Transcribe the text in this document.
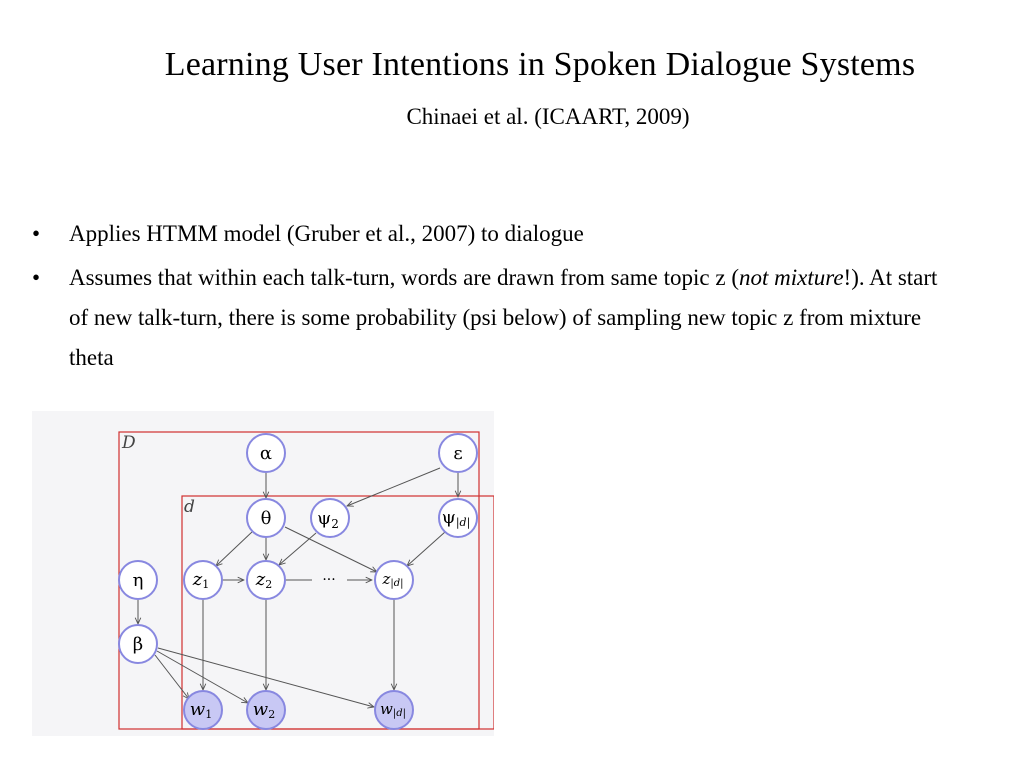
Learning User Intentions in Spoken Dialogue Systems
Chinaei et al. (ICAART, 2009)
• Applies HTMM model (Gruber et al., 2007) to dialogue
• Assumes that within each talk-turn, words are drawn from same topic z (not mixture!). At start of new talk-turn, there is some probability (psi below) of sampling new topic z from mixture theta
D
d
···
α	ε
θ
η
β
$\psi_2$	ψ|d|
z1	z2	z|d|
w1 w2	w|d|
